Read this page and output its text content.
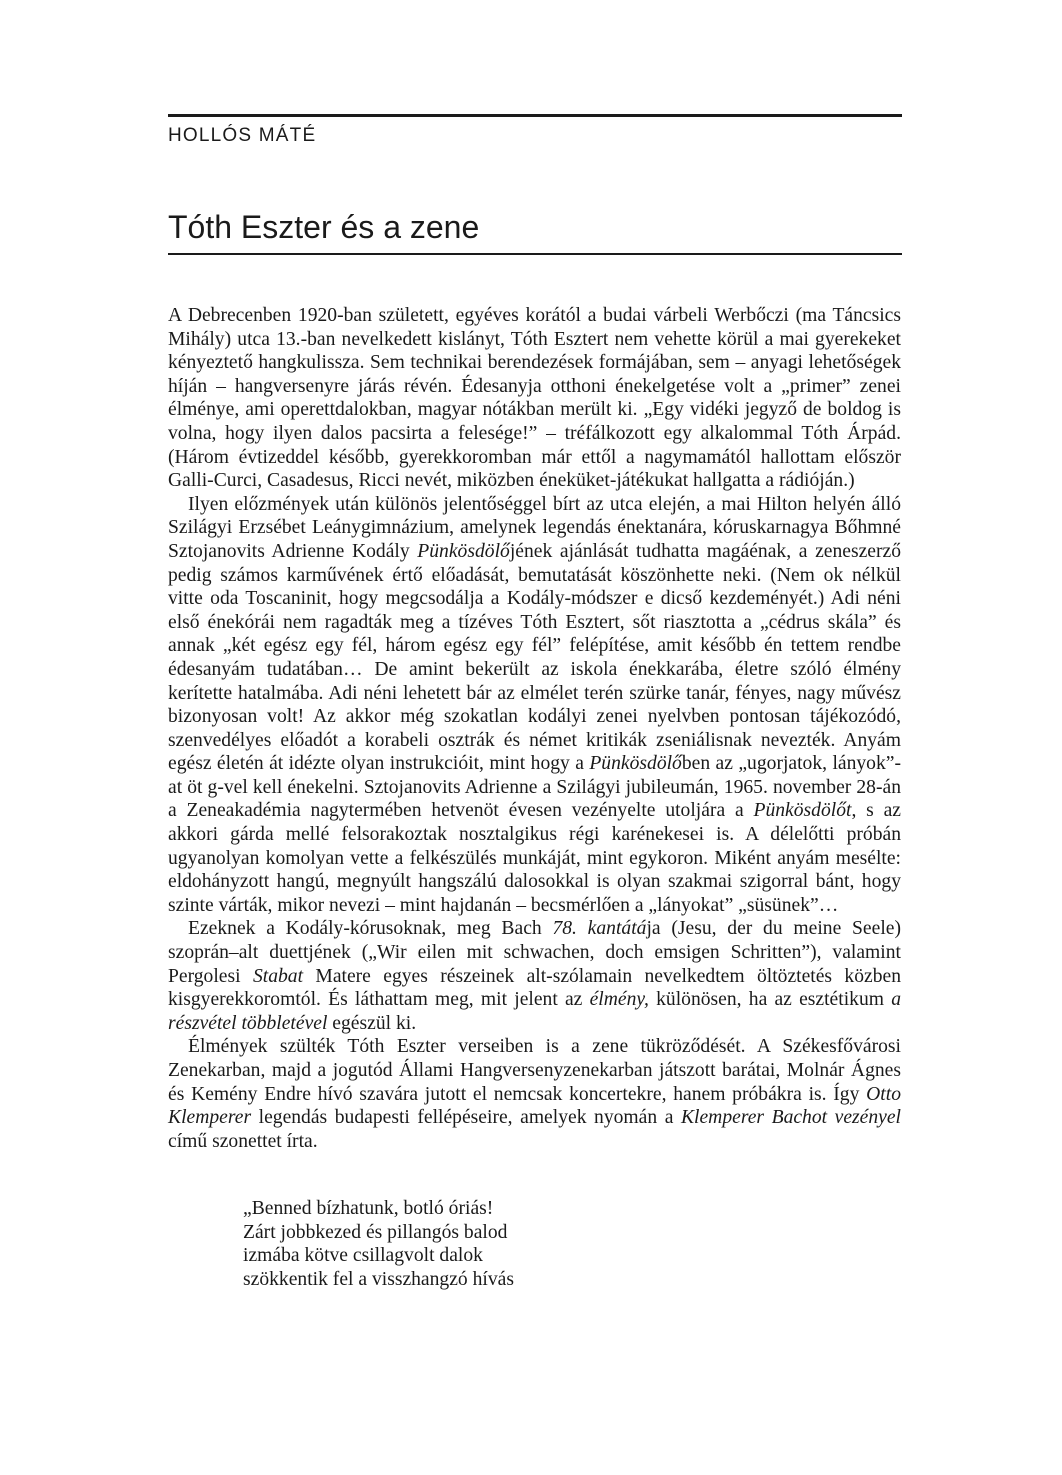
HOLLÓS MÁTÉ
Tóth Eszter és a zene

A Debrecenben 1920-ban született, egyéves korától a budai várbeli Werbőczi (ma Táncsics Mihály) utca 13.-ban nevelkedett kislányt, Tóth Esztert nem vehette körül a mai gyerekeket kényeztető hangkulissza. Sem technikai berendezések formájában, sem – anyagi lehetőségek híján – hangversenyre járás révén. Édesanyja otthoni énekelgetése volt a „primer” zenei élménye, ami operettdalokban, magyar nótákban merült ki. „Egy vidéki jegyző de boldog is volna, hogy ilyen dalos pacsirta a felesége!” – tréfálkozott egy alkalommal Tóth Árpád. (Három évtizeddel később, gyerekkoromban már ettől a nagymamától hallottam először Galli-Curci, Casadesus, Ricci nevét, miközben éneküket-játékukat hallgatta a rádióján.)

Ilyen előzmények után különös jelentőséggel bírt az utca elején, a mai Hilton helyén álló Szilágyi Erzsébet Leánygimnázium, amelynek legendás énektanára, kóruskarnagya Bőhmné Sztojanovits Adrienne Kodály Pünkösdölőjének ajánlását tudhatta magáénak, a zeneszerző pedig számos karművének értő előadását, bemutatását köszönhette neki. (Nem ok nélkül vitte oda Toscaninit, hogy megcsodálja a Kodály-módszer e dicső kezdeményét.) Adi néni első énekórái nem ragadták meg a tízéves Tóth Esztert, sőt riasztotta a „cédrus skála” és annak „két egész egy fél, három egész egy fél” felépítése, amit később én tettem rendbe édesanyám tudatában… De amint bekerült az iskola énekkarába, életre szóló élmény kerítette hatalmába. Adi néni lehetett bár az elmélet terén szürke tanár, fényes, nagy művész bizonyosan volt! Az akkor még szokatlan kodályi zenei nyelvben pontosan tájékozódó, szenvedélyes előadót a korabeli osztrák és német kritikák zseniálisnak nevezték. Anyám egész életén át idézte olyan instrukcióit, mint hogy a Pünkösdölőben az „ugorjatok, lányok”-at öt g-vel kell énekelni. Sztojanovits Adrienne a Szilágyi jubileumán, 1965. november 28-án a Zeneakadémia nagytermében hetvenöt évesen vezényelte utoljára a Pünkösdölőt, s az akkori gárda mellé felsorakoztak nosztalgikus régi karénekesei is. A délelőtti próbán ugyanolyan komolyan vette a felkészülés munkáját, mint egykoron. Miként anyám mesélte: eldohányzott hangú, megnyúlt hangszálú dalosokkal is olyan szakmai szigorral bánt, hogy szinte várták, mikor nevezi – mint hajdanán – becsmérlően a „lányokat” „süsünek”…

Ezeknek a Kodály-kórusoknak, meg Bach 78. kantátája (Jesu, der du meine Seele) szoprán–alt duettjének („Wir eilen mit schwachen, doch emsigen Schritten”), valamint Pergolesi Stabat Matere egyes részeinek alt-szólamain nevelkedtem öltöztetés közben kisgyerekkoromtól. És láthattam meg, mit jelent az élmény, különösen, ha az esztétikum a részvétel többletével egészül ki.

Élmények szülték Tóth Eszter verseiben is a zene tükröződését. A Székesfővárosi Zenekarban, majd a jogutód Állami Hangversenyzenekarban játszott barátai, Molnár Ágnes és Kemény Endre hívó szavára jutott el nemcsak koncertekre, hanem próbákra is. Így Otto Klemperer legendás budapesti fellépéseire, amelyek nyomán a Klemperer Bachot vezényel című szonettet írta.

„Benned bízhatunk, botló óriás!
Zárt jobbkezed és pillangós balod
izmába kötve csillagvolt dalok
szökkentik fel a visszhangzó hívás
